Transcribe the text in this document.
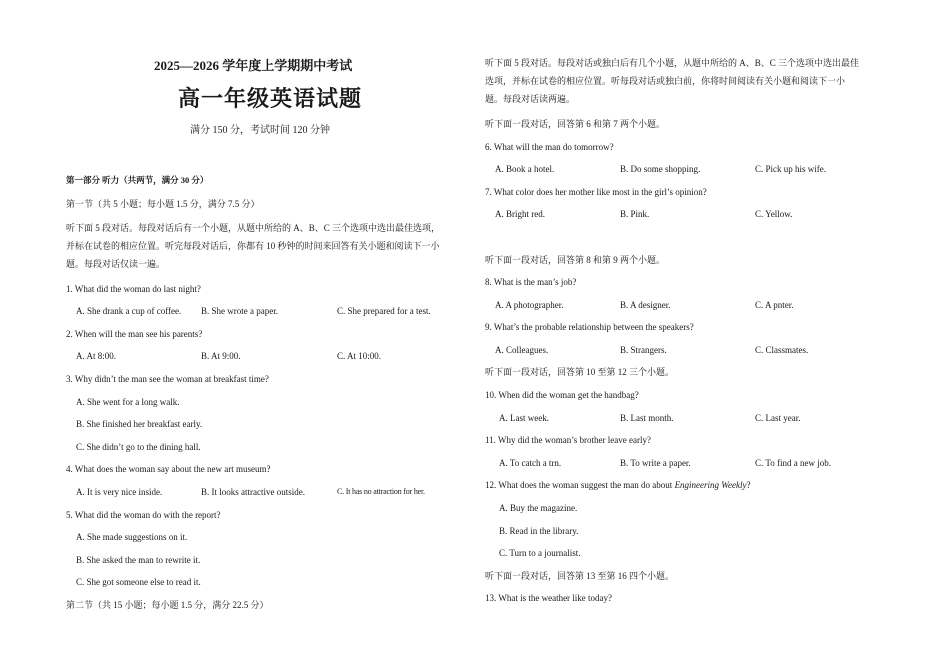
2025—2026 学年度上学期期中考试
高一年级英语试题
满分 150 分，考试时间 120 分钟
第一部分 听力（共两节，满分 30 分）
第一节（共 5 小题；每小题 1.5 分，满分 7.5 分）
听下面 5 段对话。每段对话后有一个小题，从题中所给的 A、B、C 三个选项中选出最佳选项，
并标在试卷的相应位置。听完每段对话后，你都有 10 秒钟的时间来回答有关小题和阅读下一小
题。每段对话仅读一遍。
1. What did the woman do last night?
A. She drank a cup of coffee. B. She wrote a paper.	C. She prepared for a test.
2. When will the man see his parents?
A. At 8:00.	B. At 9:00.	C. At 10:00.
3. Why didn’t the man see the woman at breakfast time?
A. She went for a long walk.
B. She finished her breakfast early.
C. She didn’t go to the dining hall.
4. What does the woman say about the new art museum?
A. It is very nice inside.	B. It looks attractive outside.	C. It has no attraction for her.
5. What did the woman do with the report?
A. She made suggestions on it.
B. She asked the man to rewrite it.
C. She got someone else to read it.
第二节（共 15 小题；每小题 1.5 分，满分 22.5 分）
听下面 5 段对话。每段对话或独白后有几个小题，从题中所给的 A、B、C 三个选项中选出最佳
选项，并标在试卷的相应位置。听每段对话或独白前，你将时间阅读有关小题和阅读下一小
题。每段对话读两遍。
听下面一段对话，回答第 6 和第 7 两个小题。
6. What will the man do tomorrow?
A. Book a hotel.	B. Do some shopping.	C. Pick up his wife.
7. What color does her mother like most in the girl’s opinion?
A. Bright red.	B. Pink.	C. Yellow.
听下面一段对话，回答第 8 和第 9 两个小题。
8. What is the man’s job?
A. A photographer.	B. A designer.	C. A pnter.
9. What’s the probable relationship between the speakers?
A. Colleagues.	B. Strangers.	C. Classmates.
听下面一段对话，回答第 10 至第 12 三个小题。
10. When did the woman get the handbag?
A. Last week.	B. Last month.	C. Last year.
11. Why did the woman’s brother leave early?
A. To catch a trn.	B. To write a paper.	C. To find a new job.
12. What does the woman suggest the man do about Engineering Weekly?
A. Buy the magazine.
B. Read in the library.
C. Turn to a journalist.
听下面一段对话，回答第 13 至第 16 四个小题。
13. What is the weather like today?
